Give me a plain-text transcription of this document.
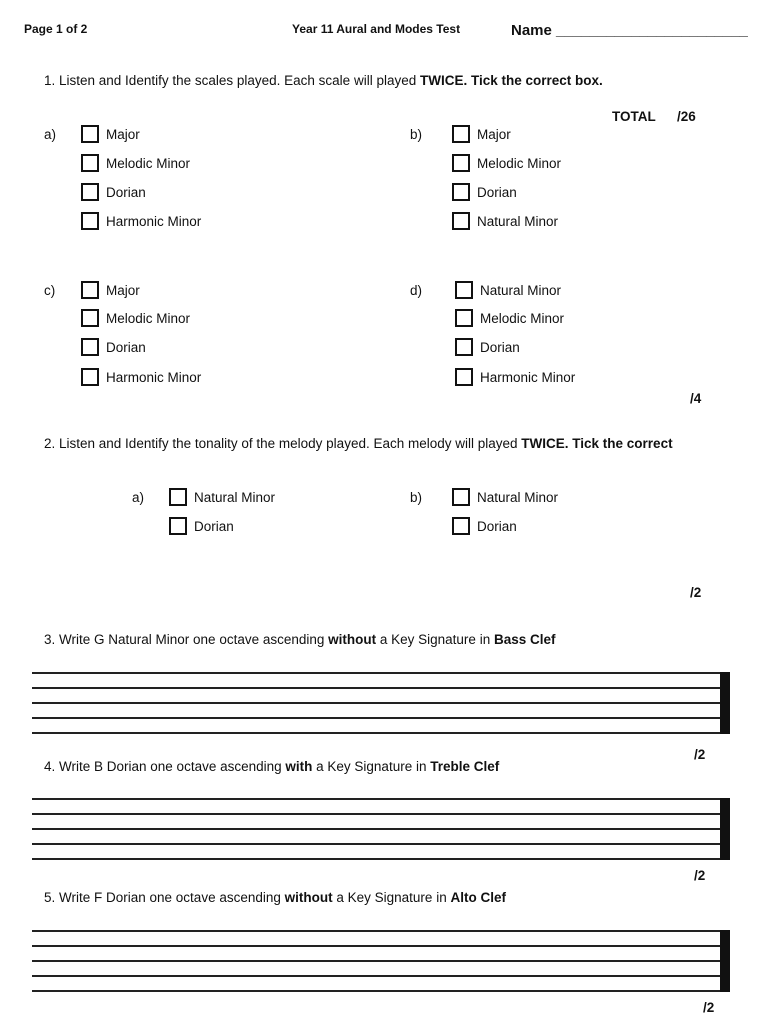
Page 1 of 2	Year 11 Aural and Modes Test	Name _______________________
1. Listen and Identify the scales played. Each scale will played TWICE. Tick the correct box.
TOTAL /26
a)	Major
Melodic Minor
Dorian
Harmonic Minor
b)	Major
Melodic Minor
Dorian
Natural Minor
c)	Major
Melodic Minor
Dorian
Harmonic Minor
d)	Natural Minor
Melodic Minor
Dorian
Harmonic Minor
/4
2. Listen and Identify the tonality of the melody played. Each melody will played TWICE. Tick the correct
a)	Natural Minor
Dorian
b)	Natural Minor
Dorian
/2
3. Write G Natural Minor one octave ascending without a Key Signature in Bass Clef
/2
4. Write B Dorian one octave ascending with a Key Signature in Treble Clef
/2
5. Write F Dorian one octave ascending without a Key Signature in Alto Clef
/2
